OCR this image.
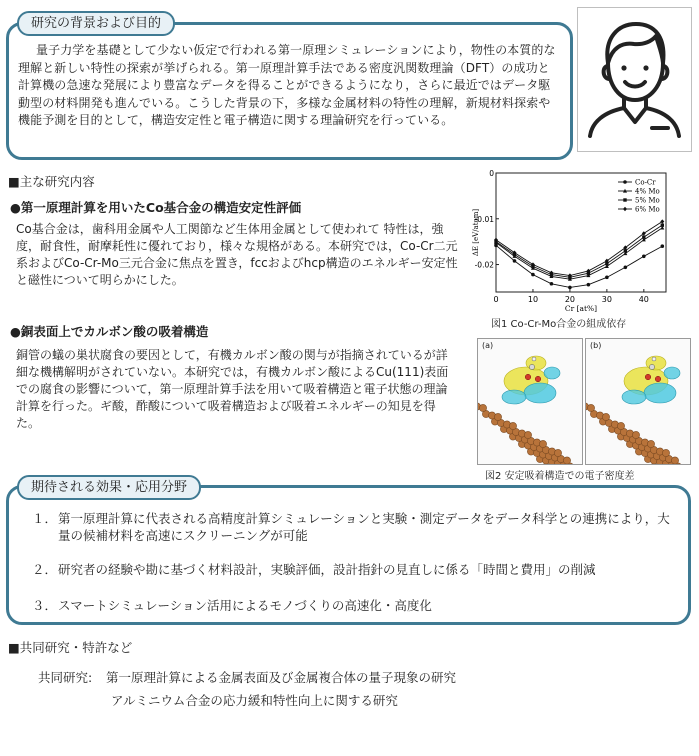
研究の背景および目的
量子力学を基礎として少ない仮定で行われる第一原理シミュレーションにより，物性の本質的な理解と新しい特性の探索が挙げられる。第一原理計算手法である密度汎関数理論（DFT）の成功と計算機の急速な発展により豊富なデータを得ることができるようになり，さらに最近ではデータ駆動型の材料開発も進んでいる。こうした背景の下，多様な金属材料の特性の理解，新規材料探索や機能予測を目的として，構造安定性と電子構造に関する理論研究を行っている。
■主な研究内容
●第一原理計算を用いたCo基合金の構造安定性評価
Co基合金は，歯科用金属や人工関節など生体用金属として使われて 特性は，強度，耐食性，耐摩耗性に優れており，様々な規格がある。本研究では，Co-Cr二元系およびCo-Cr-Mo三元合金に焦点を置き，fccおよびhcp構造のエネルギー安定性と磁性について明らかにした。
●銅表面上でカルボン酸の吸着構造
銅管の蟻の巣状腐食の要因として，有機カルボン酸の関与が指摘されているが詳細な機構解明がされていない。本研究では，有機カルボン酸によるCu(111)表面での腐食の影響について，第一原理計算手法を用いて吸着構造と電子状態の理論計算を行った。ギ酸，酢酸について吸着構造および吸着エネルギーの知見を得た。
0	10	20	30	40
0
-0.01
-0.02
Cr [at%]
ΔE [eV/atom]
Co-Cr
4% Mo
5% Mo
6% Mo
図1 Co-Cr-Mo合金の組成依存
(a)	(b)
図2 安定吸着構造での電子密度差
期待される効果・応用分野
１． 第一原理計算に代表される高精度計算シミュレーションと実験・測定データをデータ科学との連携により，大量の候補材料を高速にスクリーニングが可能
２． 研究者の経験や勘に基づく材料設計，実験評価，設計指針の見直しに係る「時間と費用」の削減
３． スマートシミュレーション活用によるモノづくりの高速化・高度化
■共同研究・特許など
共同研究: 第一原理計算による金属表面及び金属複合体の量子現象の研究
アルミニウム合金の応力緩和特性向上に関する研究
